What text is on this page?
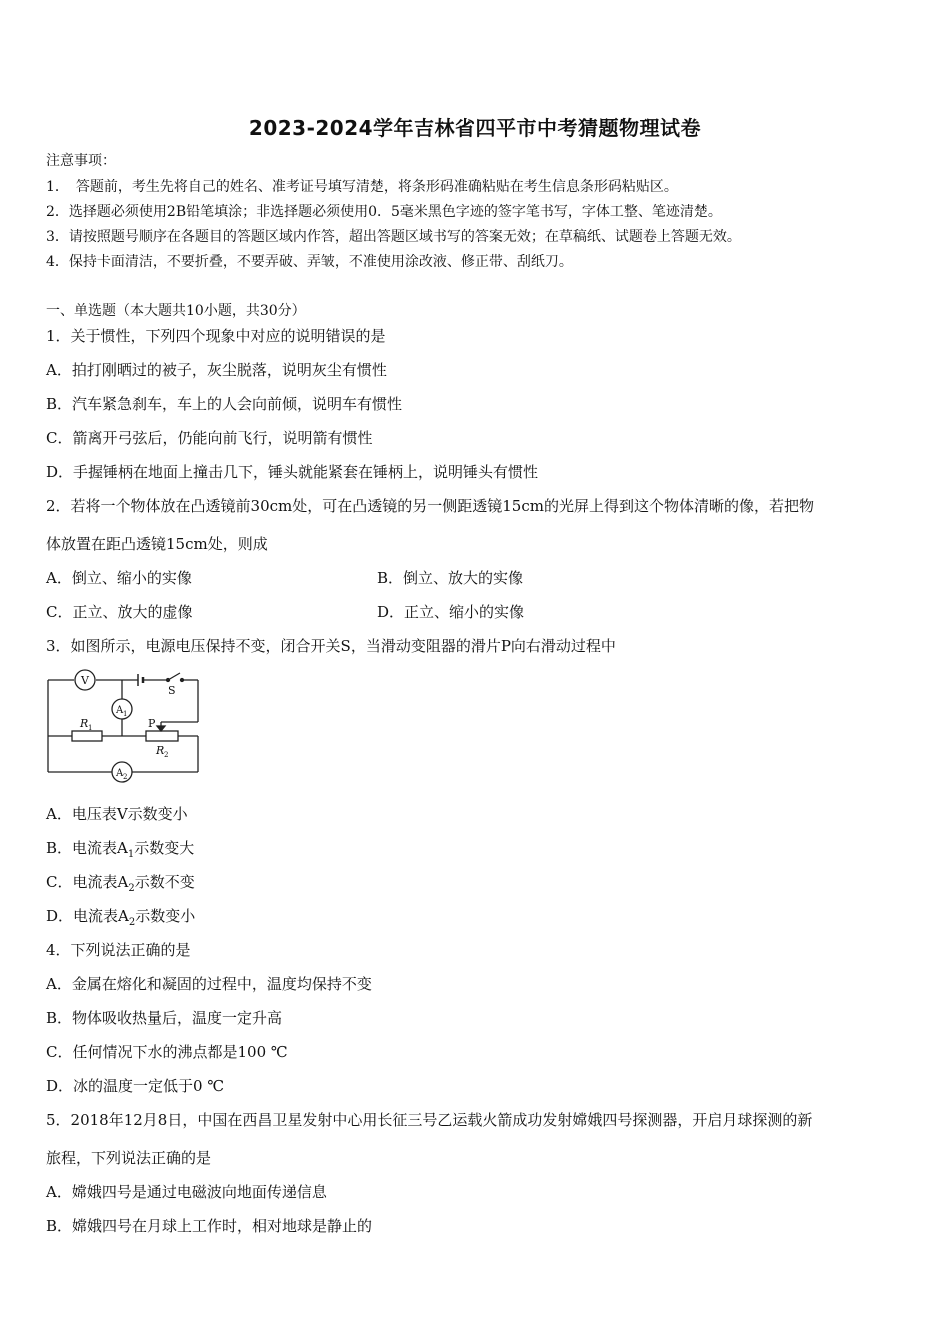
2023-2024学年吉林省四平市中考猜题物理试卷
注意事项：
1．　答题前，考生先将自己的姓名、准考证号填写清楚，将条形码准确粘贴在考生信息条形码粘贴区。
2．选择题必须使用2B铅笔填涂；非选择题必须使用0．5毫米黑色字迹的签字笔书写，字体工整、笔迹清楚。
3．请按照题号顺序在各题目的答题区域内作答，超出答题区域书写的答案无效；在草稿纸、试题卷上答题无效。
4．保持卡面清洁，不要折叠，不要弄破、弄皱，不准使用涂改液、修正带、刮纸刀。
一、单选题（本大题共10小题，共30分）
1．关于惯性，下列四个现象中对应的说明错误的是
A．拍打刚晒过的被子，灰尘脱落，说明灰尘有惯性
B．汽车紧急刹车，车上的人会向前倾，说明车有惯性
C．箭离开弓弦后，仍能向前飞行，说明箭有惯性
D．手握锤柄在地面上撞击几下，锤头就能紧套在锤柄上，说明锤头有惯性
2．若将一个物体放在凸透镜前30cm处，可在凸透镜的另一侧距透镜15cm的光屏上得到这个物体清晰的像，若把物
体放置在距凸透镜15cm处，则成
A．倒立、缩小的实像	B．倒立、放大的实像
C．正立、放大的虚像	D．正立、缩小的实像
3．如图所示，电源电压保持不变，闭合开关S，当滑动变阻器的滑片P向右滑动过程中
V
A 1
A 2
S
P
R 1
R 2
A．电压表V示数变小
B．电流表$A_1$示数变大
C．电流表$A_2$示数不变
D．电流表$A_2$示数变小
4．下列说法正确的是
A．金属在熔化和凝固的过程中，温度均保持不变
B．物体吸收热量后，温度一定升高
C．任何情况下水的沸点都是100 ℃
D．冰的温度一定低于0 ℃
5．2018年12月8日，中国在西昌卫星发射中心用长征三号乙运载火箭成功发射嫦娥四号探测器，开启月球探测的新
旅程，下列说法正确的是
A．嫦娥四号是通过电磁波向地面传递信息
B．嫦娥四号在月球上工作时，相对地球是静止的
